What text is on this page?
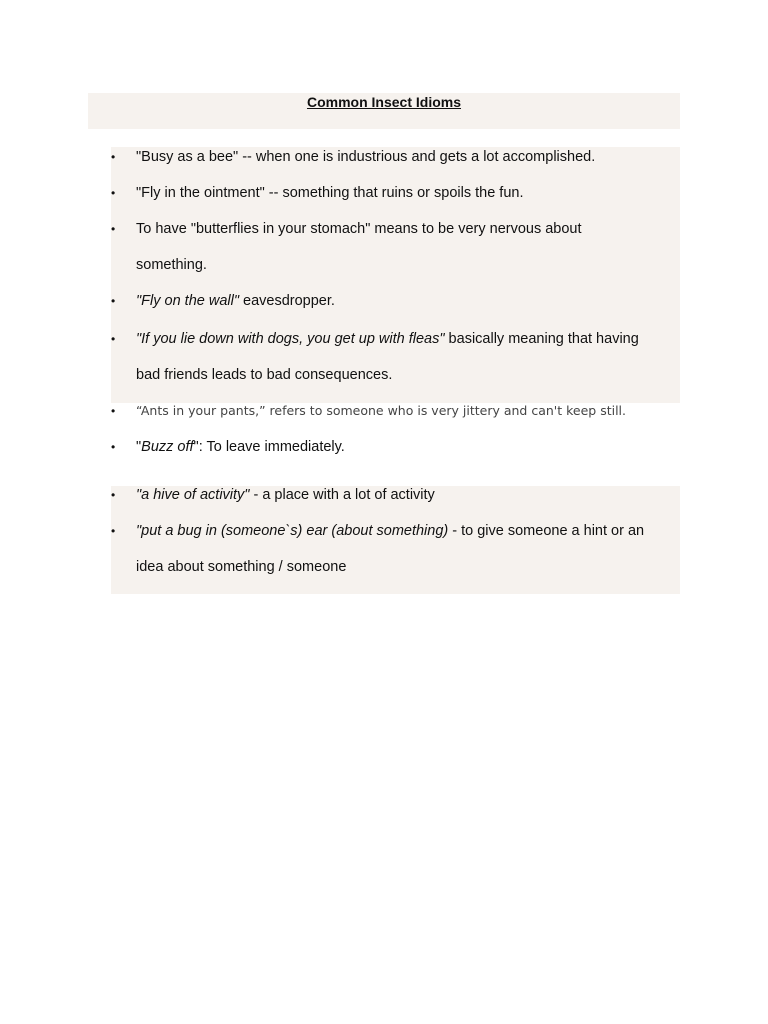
Common Insect Idioms
•	"Busy as a bee" -- when one is industrious and gets a lot accomplished.
•	"Fly in the ointment" -- something that ruins or spoils the fun.
•	To have "butterflies in your stomach" means to be very nervous about
something.
•	"Fly on the wall" eavesdropper.
•	"If you lie down with dogs, you get up with fleas" basically meaning that having
bad friends leads to bad consequences.
•	“Ants in your pants,” refers to someone who is very jittery and can't keep still.
•	"Buzz off": To leave immediately.
•	"a hive of activity" - a place with a lot of activity
•	"put a bug in (someone`s) ear (about something) - to give someone a hint or an
idea about something / someone
